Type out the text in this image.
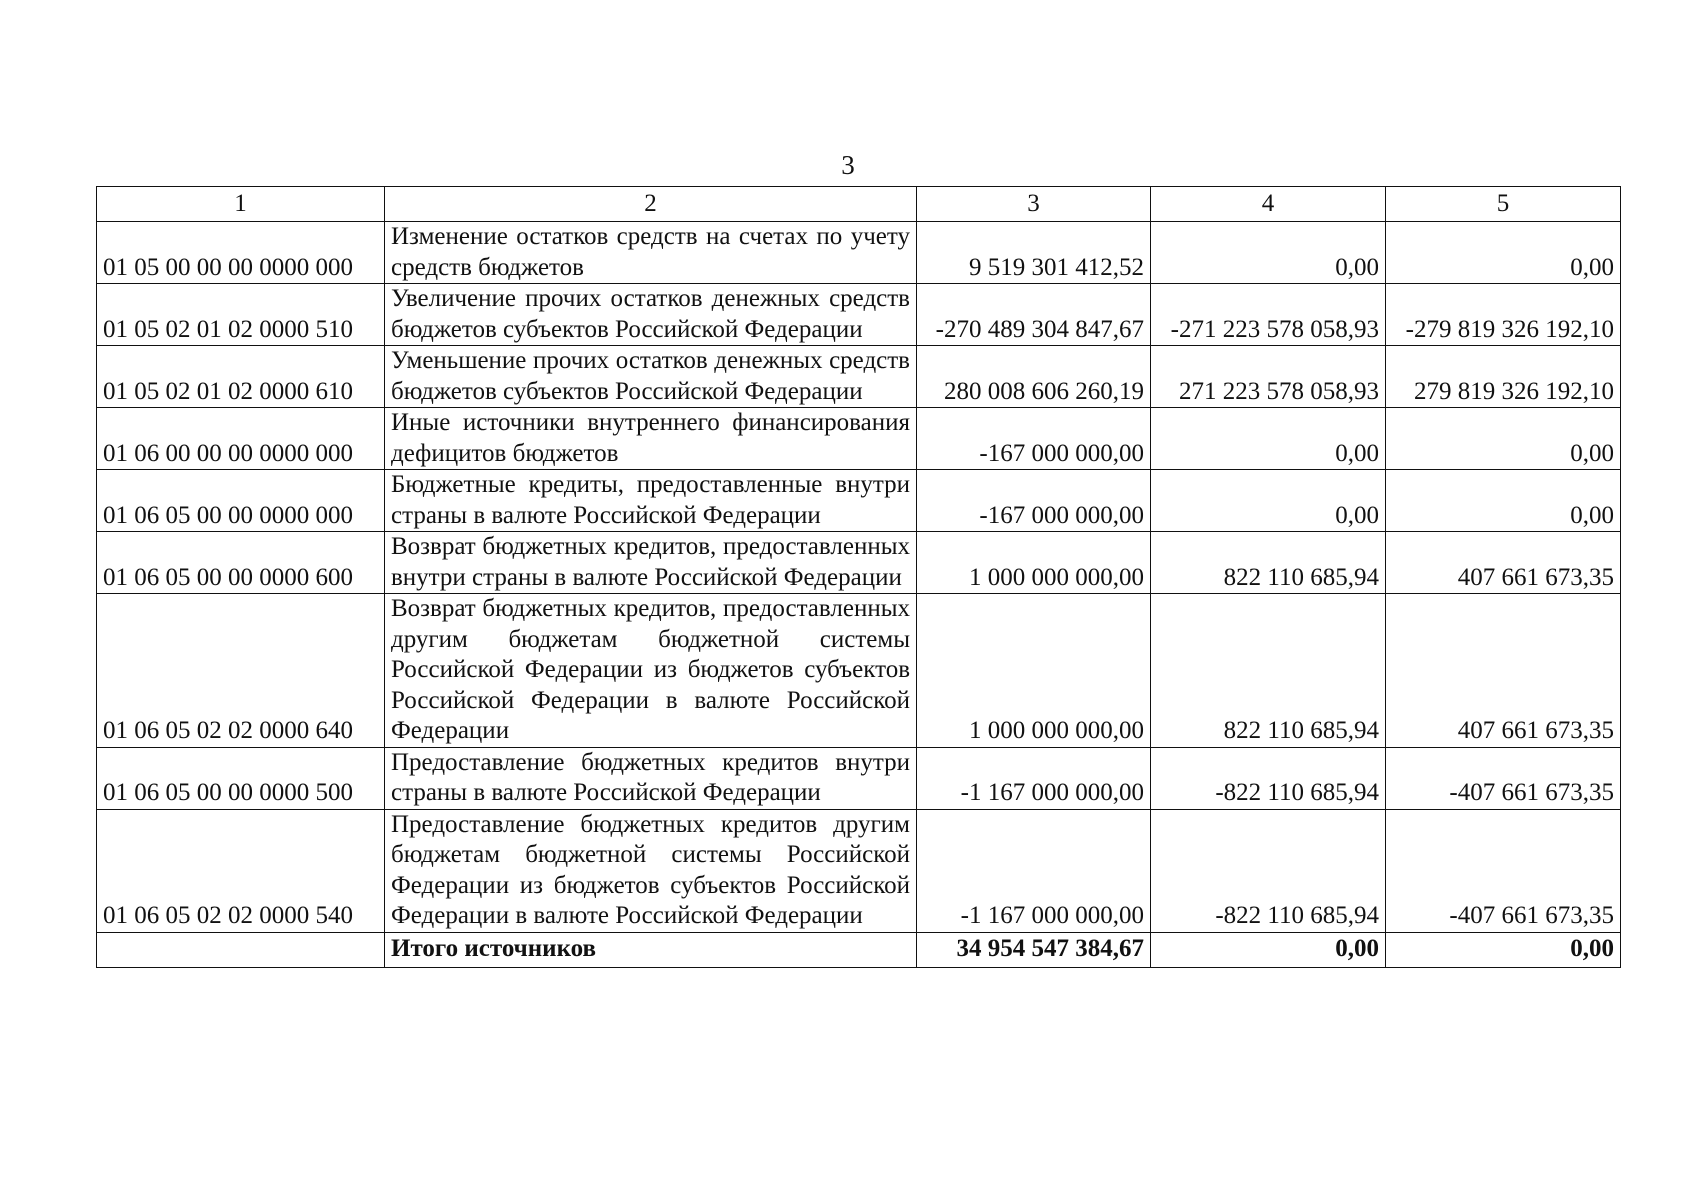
3
1	2	3	4	5
01 05 00 00 00 0000 000	Изменение остатков средств на счетах по учету средств бюджетов	9 519 301 412,52	0,00	0,00
01 05 02 01 02 0000 510	Увеличение прочих остатков денежных средств бюджетов субъектов Российской Федерации	-270 489 304 847,67	-271 223 578 058,93	-279 819 326 192,10
01 05 02 01 02 0000 610	Уменьшение прочих остатков денежных средств бюджетов субъектов Российской Федерации	280 008 606 260,19	271 223 578 058,93	279 819 326 192,10
01 06 00 00 00 0000 000	Иные источники внутреннего финансирования дефицитов бюджетов	-167 000 000,00	0,00	0,00
01 06 05 00 00 0000 000	Бюджетные кредиты, предоставленные внутри страны в валюте Российской Федерации	-167 000 000,00	0,00	0,00
01 06 05 00 00 0000 600	Возврат бюджетных кредитов, предоставленных внутри страны в валюте Российской Федерации	1 000 000 000,00	822 110 685,94	407 661 673,35
01 06 05 02 02 0000 640	Возврат бюджетных кредитов, предоставленных другим бюджетам бюджетной системы Российской Федерации из бюджетов субъектов Российской Федерации в валюте Российской Федерации	1 000 000 000,00	822 110 685,94	407 661 673,35
01 06 05 00 00 0000 500	Предоставление бюджетных кредитов внутри страны в валюте Российской Федерации	-1 167 000 000,00	-822 110 685,94	-407 661 673,35
01 06 05 02 02 0000 540	Предоставление бюджетных кредитов другим бюджетам бюджетной системы Российской Федерации из бюджетов субъектов Российской Федерации в валюте Российской Федерации	-1 167 000 000,00	-822 110 685,94	-407 661 673,35
	Итого источников	34 954 547 384,67	0,00	0,00
